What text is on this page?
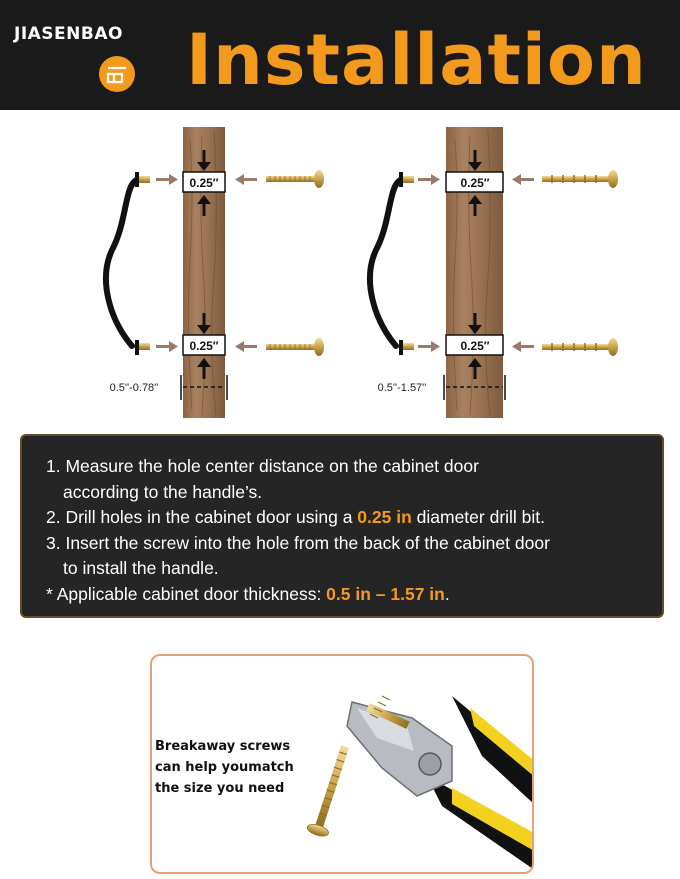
JIASENBAO Installation
0.25″
0.25″
0.5''-0.78''
0.25″
0.25″
0.5''-1.57''

1. Measure the hole center distance on the cabinet door

according to the handle’s.

2. Drill holes in the cabinet door using a 0.25 in diameter drill bit.

3. Insert the screw into the hole from the back of the cabinet door

to install the handle.

* Applicable cabinet door thickness: 0.5 in – 1.57 in.

Breakaway screws
can help youmatch
the size you need
